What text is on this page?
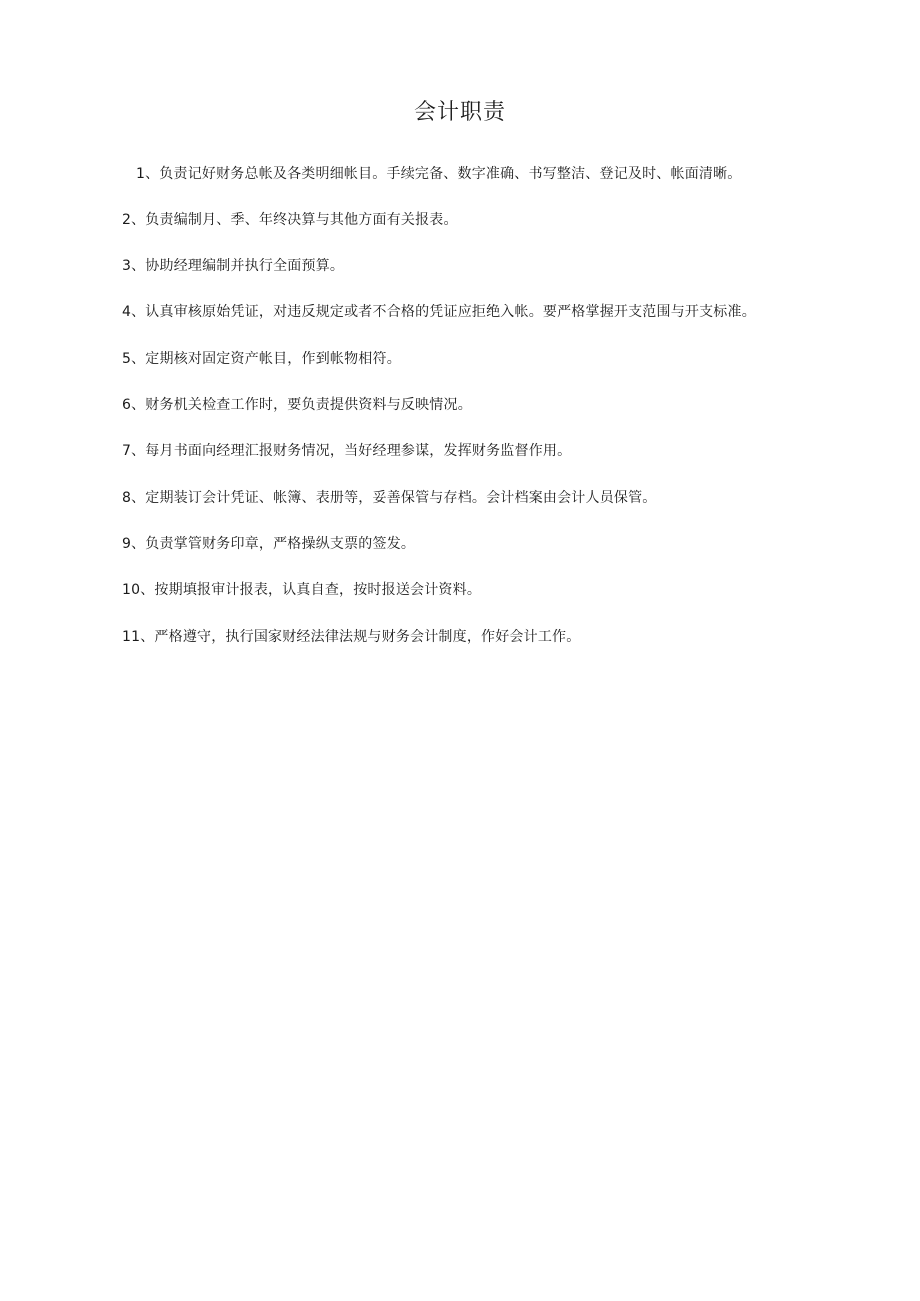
会计职责
1、负责记好财务总帐及各类明细帐目。手续完备、数字准确、书写整洁、登记及时、帐面清晰。
2、负责编制月、季、年终决算与其他方面有关报表。
3、协助经理编制并执行全面预算。
4、认真审核原始凭证，对违反规定或者不合格的凭证应拒绝入帐。要严格掌握开支范围与开支标准。
5、定期核对固定资产帐目，作到帐物相符。
6、财务机关检查工作时，要负责提供资料与反映情况。
7、每月书面向经理汇报财务情况，当好经理参谋，发挥财务监督作用。
8、定期装订会计凭证、帐簿、表册等，妥善保管与存档。会计档案由会计人员保管。
9、负责掌管财务印章，严格操纵支票的签发。
10、按期填报审计报表，认真自查，按时报送会计资料。
11、严格遵守，执行国家财经法律法规与财务会计制度，作好会计工作。
